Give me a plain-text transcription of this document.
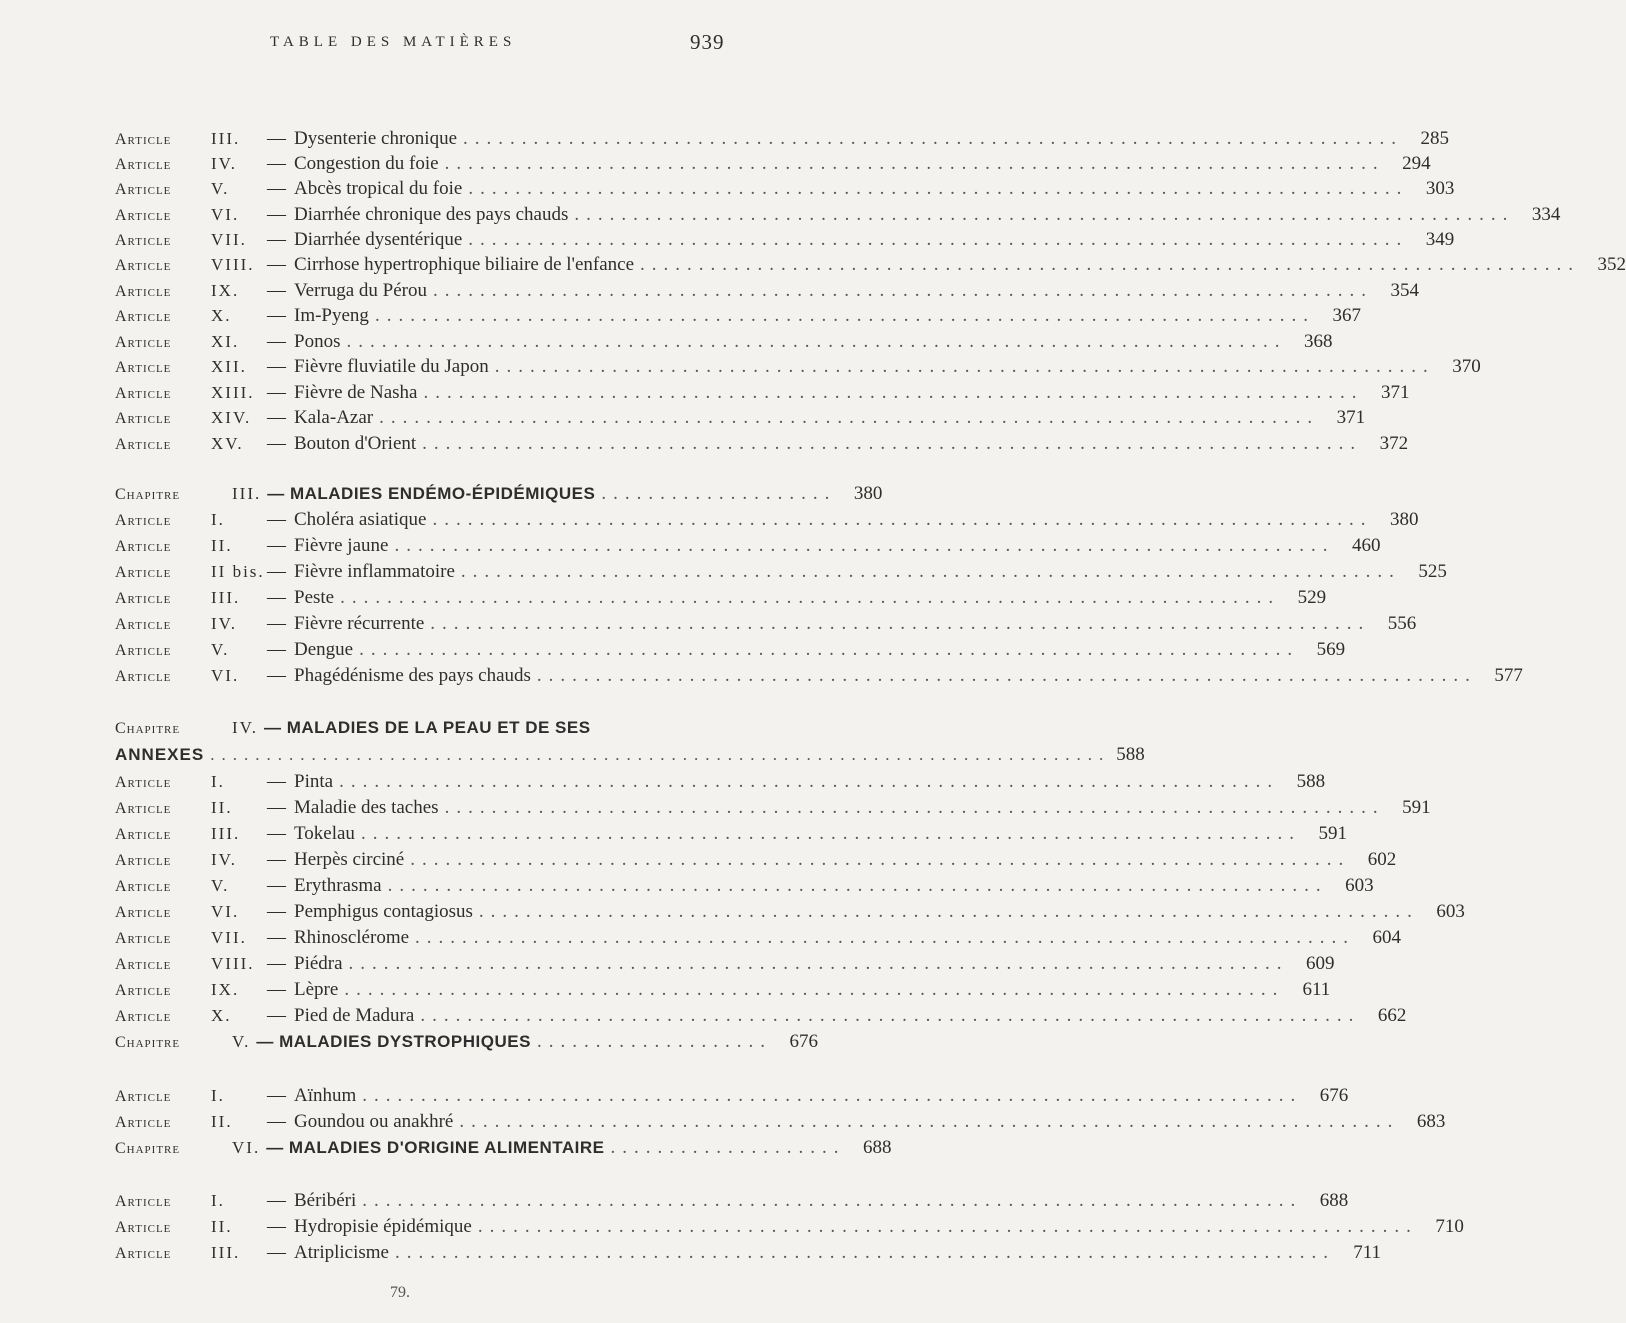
TABLE DES MATIÈRES	939
Article	III.	— Dysenterie chronique ................................................................................ 285
Article	IV.	— Congestion du foie ................................................................................ 294
Article	V.	— Abcès tropical du foie ................................................................................ 303
Article	VI.	— Diarrhée chronique des pays chauds ................................................................................ 334
Article	VII.	— Diarrhée dysentérique ................................................................................ 349
Article	VIII. — Cirrhose hypertrophique biliaire de l'enfance ................................................................................ 352
Article	IX.	— Verruga du Pérou ................................................................................ 354
Article	X.	— Im-Pyeng ................................................................................ 367
Article	XI.	— Ponos ................................................................................ 368
Article	XII.	— Fièvre fluviatile du Japon ................................................................................ 370
Article	XIII. — Fièvre de Nasha ................................................................................ 371
Article	XIV. — Kala-Azar ................................................................................ 371
Article	XV.	— Bouton d'Orient ................................................................................ 372
Chapitre	III. — MALADIES ENDÉMO-ÉPIDÉMIQUES .................... 380
Article	I.	— Choléra asiatique ................................................................................ 380
Article	II.	— Fièvre jaune ................................................................................ 460
Article	II bis. — Fièvre inflammatoire ................................................................................ 525
Article	III.	— Peste ................................................................................ 529
Article	IV.	— Fièvre récurrente ................................................................................ 556
Article	V.	— Dengue ................................................................................ 569
Article	VI.	— Phagédénisme des pays chauds ................................................................................ 577
Chapitre	IV. — MALADIES DE LA PEAU ET DE SES
ANNEXES ................................................................................ 588
Article	I.	— Pinta ................................................................................ 588
Article	II.	— Maladie des taches ................................................................................ 591
Article	III.	— Tokelau ................................................................................ 591
Article	IV.	— Herpès circiné ................................................................................ 602
Article	V.	— Erythrasma ................................................................................ 603
Article	VI.	— Pemphigus contagiosus ................................................................................ 603
Article	VII.	— Rhinosclérome ................................................................................ 604
Article	VIII. — Piédra ................................................................................ 609
Article	IX.	— Lèpre ................................................................................ 611
Article	X.	— Pied de Madura ................................................................................ 662
Chapitre	V. — MALADIES DYSTROPHIQUES .................... 676
Article	I.	— Aïnhum ................................................................................ 676
Article	II.	— Goundou ou anakhré ................................................................................ 683
Chapitre	VI. — MALADIES D'ORIGINE ALIMENTAIRE .................... 688
Article	I.	— Béribéri ................................................................................ 688
Article	II.	— Hydropisie épidémique ................................................................................ 710
Article	III.	— Atriplicisme ................................................................................ 711
79.
